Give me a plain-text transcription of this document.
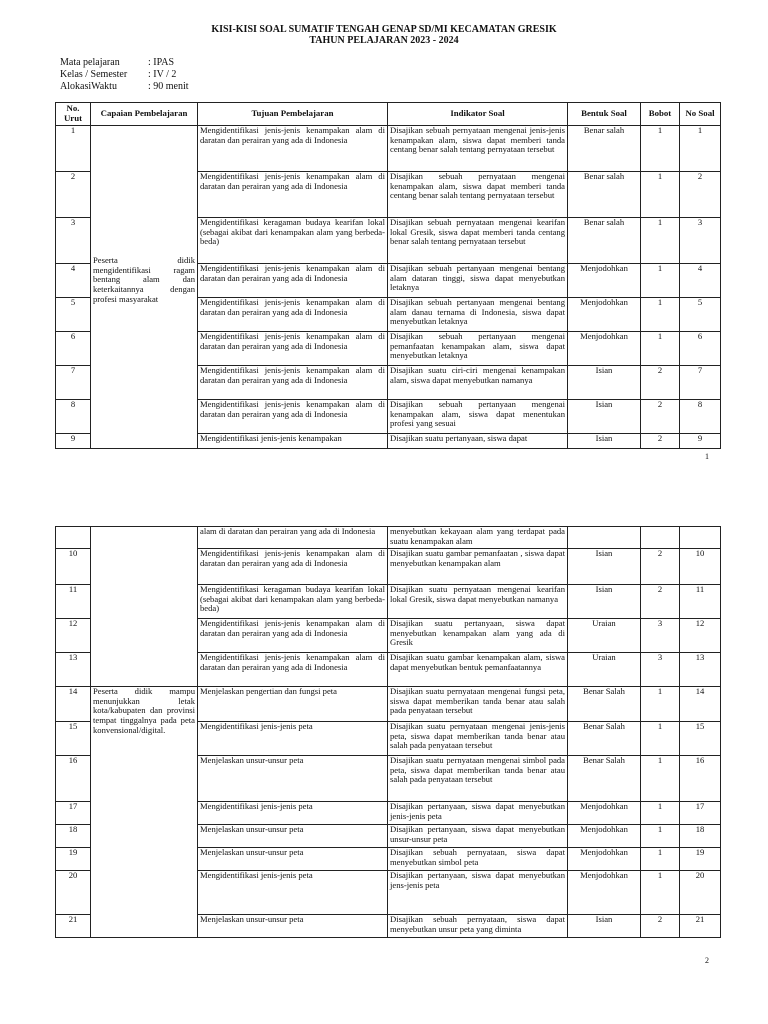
KISI-KISI SOAL SUMATIF TENGAH GENAP SD/MI KECAMATAN GRESIK
TAHUN PELAJARAN 2023 - 2024
Mata pelajaran	: IPAS
Kelas / Semester	: IV / 2
AlokasiWaktu	: 90 menit
No. Urut	Capaian Pembelajaran	Tujuan Pembelajaran	Indikator Soal	Bentuk Soal	Bobot	No Soal
1	Peserta didik mengidentifikasi ragam bentang alam dan keterkaitannya dengan profesi masyarakat	Mengidentifikasi jenis-jenis kenampakan alam di daratan dan perairan yang ada di Indonesia	Disajikan sebuah pernyataan mengenai jenis-jenis kenampakan alam, siswa dapat memberi tanda centang benar salah tentang pernyataan tersebut	Benar salah	1	1
2		Mengidentifikasi jenis-jenis kenampakan alam di daratan dan perairan yang ada di Indonesia	Disajikan sebuah pernyataan mengenai kenampakan alam, siswa dapat memberi tanda centang benar salah tentang pernyataan tersebut	Benar salah	1	2
3		Mengidentifikasi keragaman budaya kearifan lokal (sebagai akibat dari kenampakan alam yang berbeda-beda)	Disajikan sebuah pernyataan mengenai kearifan lokal Gresik, siswa dapat memberi tanda centang benar salah tentang pernyataan tersebut	Benar salah	1	3
4		Mengidentifikasi jenis-jenis kenampakan alam di daratan dan perairan yang ada di Indonesia	Disajikan sebuah pertanyaan mengenai bentang alam dataran tinggi, siswa dapat menyebutkan letaknya	Menjodohkan	1	4
5		Mengidentifikasi jenis-jenis kenampakan alam di daratan dan perairan yang ada di Indonesia	Disajikan sebuah pertanyaan mengenai bentang alam danau ternama di Indonesia, siswa dapat menyebutkan letaknya	Menjodohkan	1	5
6		Mengidentifikasi jenis-jenis kenampakan alam di daratan dan perairan yang ada di Indonesia	Disajikan sebuah pertanyaan mengenai pemanfaatan kenampakan alam, siswa dapat menyebutkan letaknya	Menjodohkan	1	6
7		Mengidentifikasi jenis-jenis kenampakan alam di daratan dan perairan yang ada di Indonesia	Disajikan suatu ciri-ciri mengenai kenampakan alam, siswa dapat menyebutkan namanya	Isian	2	7
8		Mengidentifikasi jenis-jenis kenampakan alam di daratan dan perairan yang ada di Indonesia	Disajikan sebuah pertanyaan mengenai kenampakan alam, siswa dapat menentukan profesi yang sesuai	Isian	2	8
9		Mengidentifikasi jenis-jenis kenampakan	Disajikan suatu pertanyaan, siswa dapat	Isian	2	9
1
		alam di daratan dan perairan yang ada di Indonesia	menyebutkan kekayaan alam yang terdapat pada suatu kenampakan alam			
10		Mengidentifikasi jenis-jenis kenampakan alam di daratan dan perairan yang ada di Indonesia	Disajikan suatu gambar pemanfaatan , siswa dapat menyebutkan kenampakan alam	Isian	2	10
11		Mengidentifikasi keragaman budaya kearifan lokal (sebagai akibat dari kenampakan alam yang berbeda-beda)	Disajikan suatu pernyataan mengenai kearifan lokal Gresik, siswa dapat menyebutkan namanya	Isian	2	11
12		Mengidentifikasi jenis-jenis kenampakan alam di daratan dan perairan yang ada di Indonesia	Disajikan suatu pertanyaan, siswa dapat menyebutkan kenampakan alam yang ada di Gresik	Uraian	3	12
13		Mengidentifikasi jenis-jenis kenampakan alam di daratan dan perairan yang ada di Indonesia	Disajikan suatu gambar kenampakan alam, siswa dapat menyebutkan bentuk pemanfaatannya	Uraian	3	13
14	Peserta didik mampu menunjukkan letak kota/kabupaten dan provinsi tempat tinggalnya pada peta konvensional/digital.	Menjelaskan pengertian dan fungsi peta	Disajikan suatu pernyataan mengenai fungsi peta, siswa dapat memberikan tanda benar atau salah pada penyataan tersebut	Benar Salah	1	14
15		Mengidentifikasi jenis-jenis peta	Disajikan suatu pernyataan mengenai jenis-jenis peta, siswa dapat memberikan tanda benar atau salah pada penyataan tersebut	Benar Salah	1	15
16		Menjelaskan unsur-unsur peta	Disajikan suatu pernyataan mengenai simbol pada peta, siswa dapat memberikan tanda benar atau salah pada penyataan tersebut	Benar Salah	1	16
17		Mengidentifikasi jenis-jenis peta	Disajikan pertanyaan, siswa dapat menyebutkan jenis-jenis peta	Menjodohkan	1	17
18		Menjelaskan unsur-unsur peta	Disajikan pertanyaan, siswa dapat menyebutkan unsur-unsur peta	Menjodohkan	1	18
19		Menjelaskan unsur-unsur peta	Disajikan sebuah pernyataan, siswa dapat menyebutkan simbol peta	Menjodohkan	1	19
20		Mengidentifikasi jenis-jenis peta	Disajikan pertanyaan, siswa dapat menyebutkan jens-jenis peta	Menjodohkan	1	20
21		Menjelaskan unsur-unsur peta	Disajikan sebuah pernyataan, siswa dapat menyebutkan unsur peta yang diminta	Isian	2	21
2
